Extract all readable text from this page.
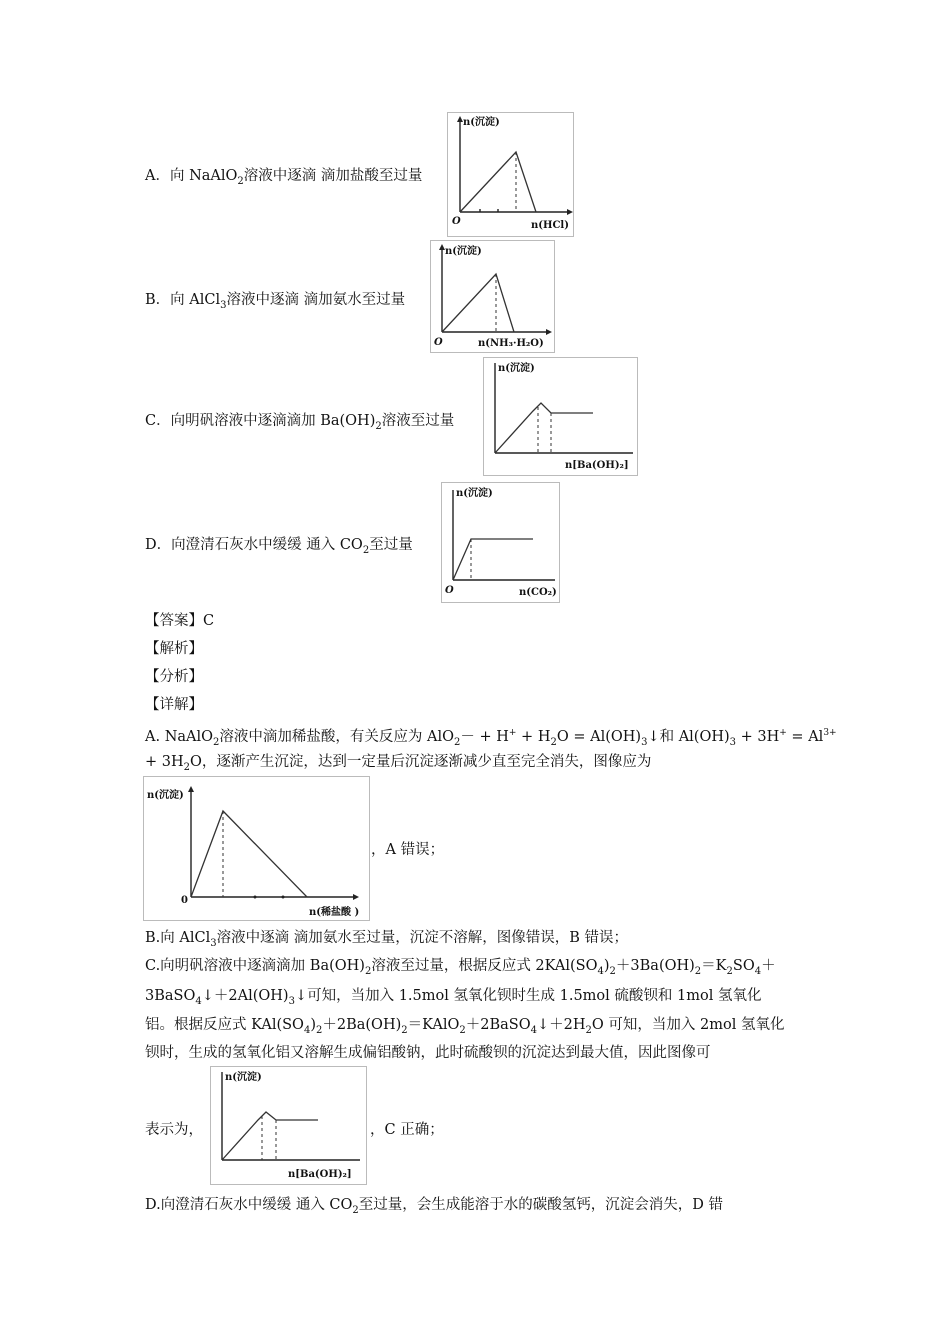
A．向 NaAlO$_2$溶液中逐滴 滴加盐酸至过量
n(沉淀)
n(HCl)
O
B．向 AlCl$_3$溶液中逐滴 滴加氨水至过量
n(沉淀)
n(NH₃·H₂O)
O
C．向明矾溶液中逐滴滴加 $Ba(OH)_2$溶液至过量
n(沉淀)
n[Ba(OH)₂]
D．向澄清石灰水中缓缓 通入 $CO_2$至过量
n(沉淀)
n(CO₂)
O
【答案】C
【解析】
【分析】
【详解】
A. NaAlO$_2$溶液中滴加稀盐酸，有关反应为 $AlO_2- + H^+ + H_2O$ = $Al(OH)_3↓$和 $Al(OH)_3 + 3H^+ = Al^{3+}$
+ $3H_2O$，逐渐产生沉淀，达到一定量后沉淀逐渐减少直至完全消失，图像应为
n(沉淀)
n(稀盐酸 )
0
，A 错误；
B.向 AlCl$_3$溶液中逐滴 滴加氨水至过量，沉淀不溶解，图像错误，B 错误；
C.向明矾溶液中逐滴滴加 $Ba(OH)_2$溶液至过量，根据反应式 $2KAl(SO_4)_2+3Ba(OH)_2=K_2SO_4+$
$3BaSO_4↓+2Al(OH)_3↓$可知，当加入 1.5mol 氢氧化钡时生成 1.5mol 硫酸钡和 1mol 氢氧化
铝。根据反应式 $KAl(SO_4)_2+2Ba(OH)_2=KAlO_2+2BaSO_4↓+2H_2O$ 可知，当加入 2mol 氢氧化
钡时，生成的氢氧化铝又溶解生成偏铝酸钠，此时硫酸钡的沉淀达到最大值，因此图像可
表示为，
n(沉淀)
n[Ba(OH)₂]
，C 正确；
D.向澄清石灰水中缓缓 通入 $CO_2$至过量，会生成能溶于水的碳酸氢钙，沉淀会消失，D 错
